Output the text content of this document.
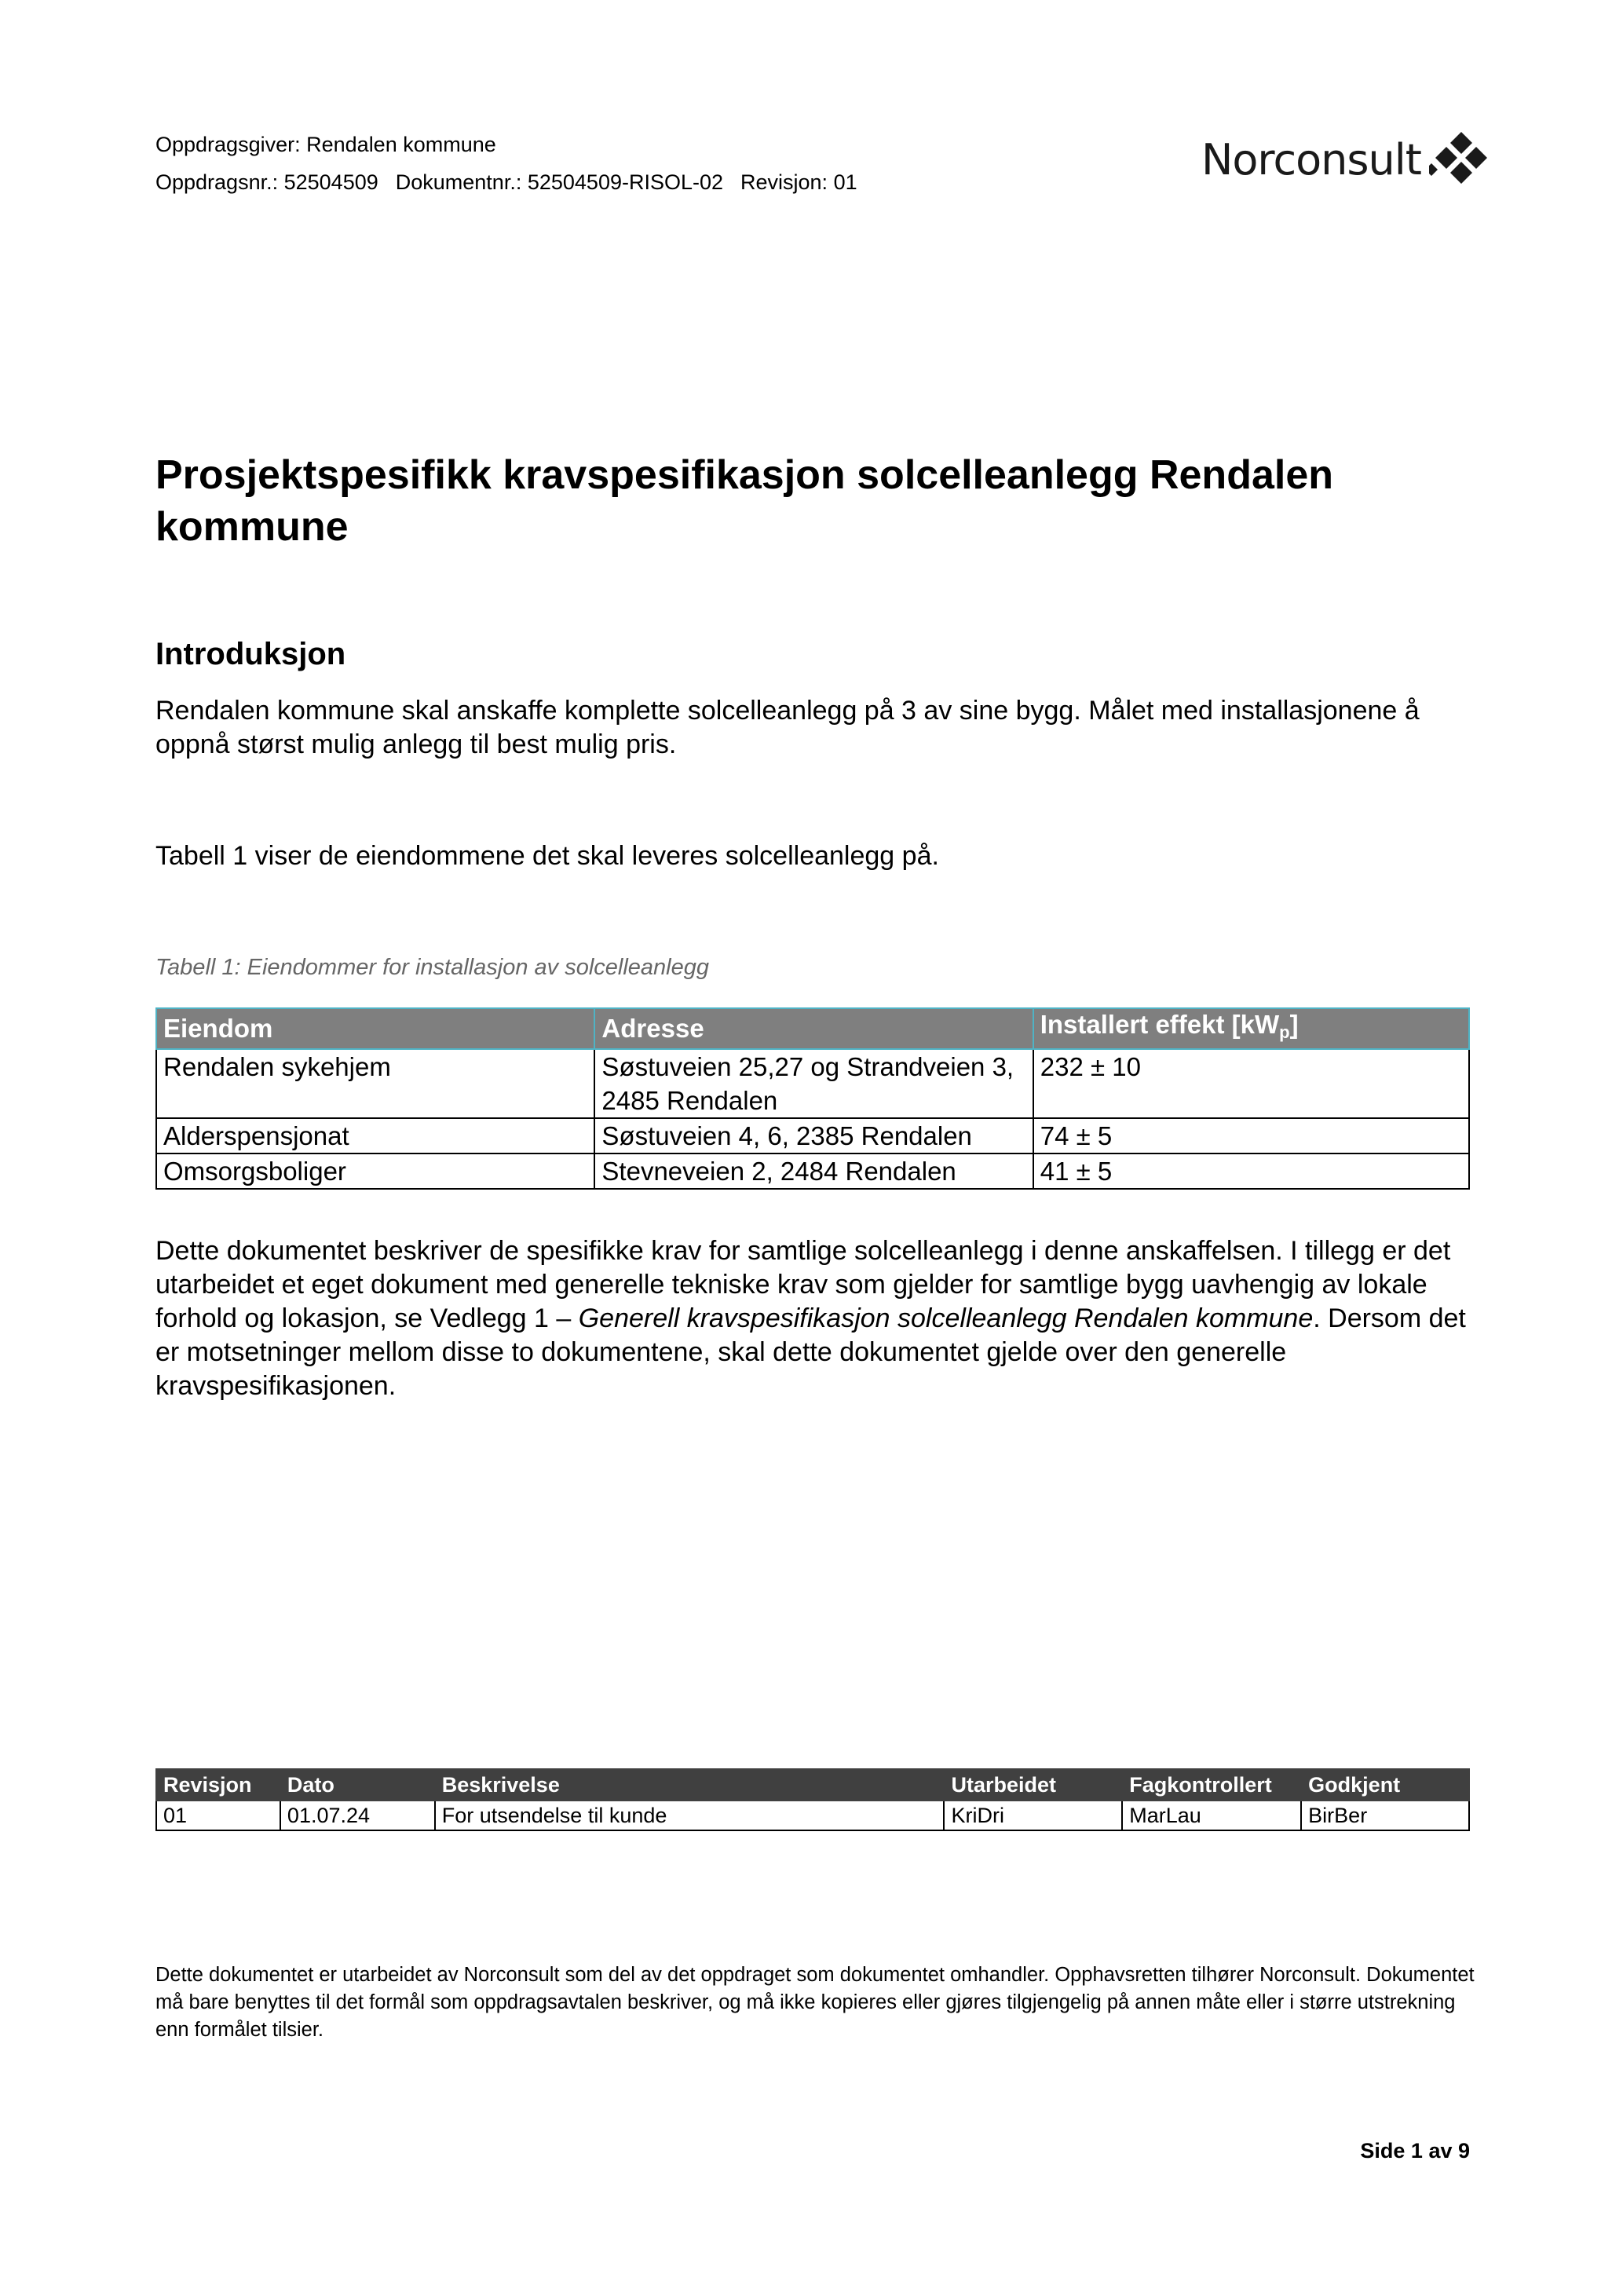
Oppdragsgiver: Rendalen kommune
Oppdragsnr.: 52504509 Dokumentnr.: 52504509-RISOL-02 Revisjon: 01	Norconsult
Prosjektspesifikk kravspesifikasjon solcelleanlegg Rendalen kommune
Introduksjon
Rendalen kommune skal anskaffe komplette solcelleanlegg på 3 av sine bygg. Målet med installasjonene å oppnå størst mulig anlegg til best mulig pris.
Tabell 1 viser de eiendommene det skal leveres solcelleanlegg på.
Tabell 1: Eiendommer for installasjon av solcelleanlegg
Eiendom	Adresse	Installert effekt $[kW_p]$
Rendalen sykehjem	Søstuveien 25,27 og Strandveien 3, 2485 Rendalen	232 ± 10
Alderspensjonat	Søstuveien 4, 6, 2385 Rendalen	74 ± 5
Omsorgsboliger	Stevneveien 2, 2484 Rendalen	41 ± 5
Dette dokumentet beskriver de spesifikke krav for samtlige solcelleanlegg i denne anskaffelsen. I tillegg er det utarbeidet et eget dokument med generelle tekniske krav som gjelder for samtlige bygg uavhengig av lokale forhold og lokasjon, se Vedlegg 1 – Generell kravspesifikasjon solcelleanlegg Rendalen kommune. Dersom det er motsetninger mellom disse to dokumentene, skal dette dokumentet gjelde over den generelle kravspesifikasjonen.
Revisjon	Dato	Beskrivelse	Utarbeidet	Fagkontrollert	Godkjent
01	01.07.24	For utsendelse til kunde	KriDri	MarLau	BirBer
Dette dokumentet er utarbeidet av Norconsult som del av det oppdraget som dokumentet omhandler. Opphavsretten tilhører Norconsult. Dokumentet må bare benyttes til det formål som oppdragsavtalen beskriver, og må ikke kopieres eller gjøres tilgjengelig på annen måte eller i større utstrekning enn formålet tilsier.
Side 1 av 9
